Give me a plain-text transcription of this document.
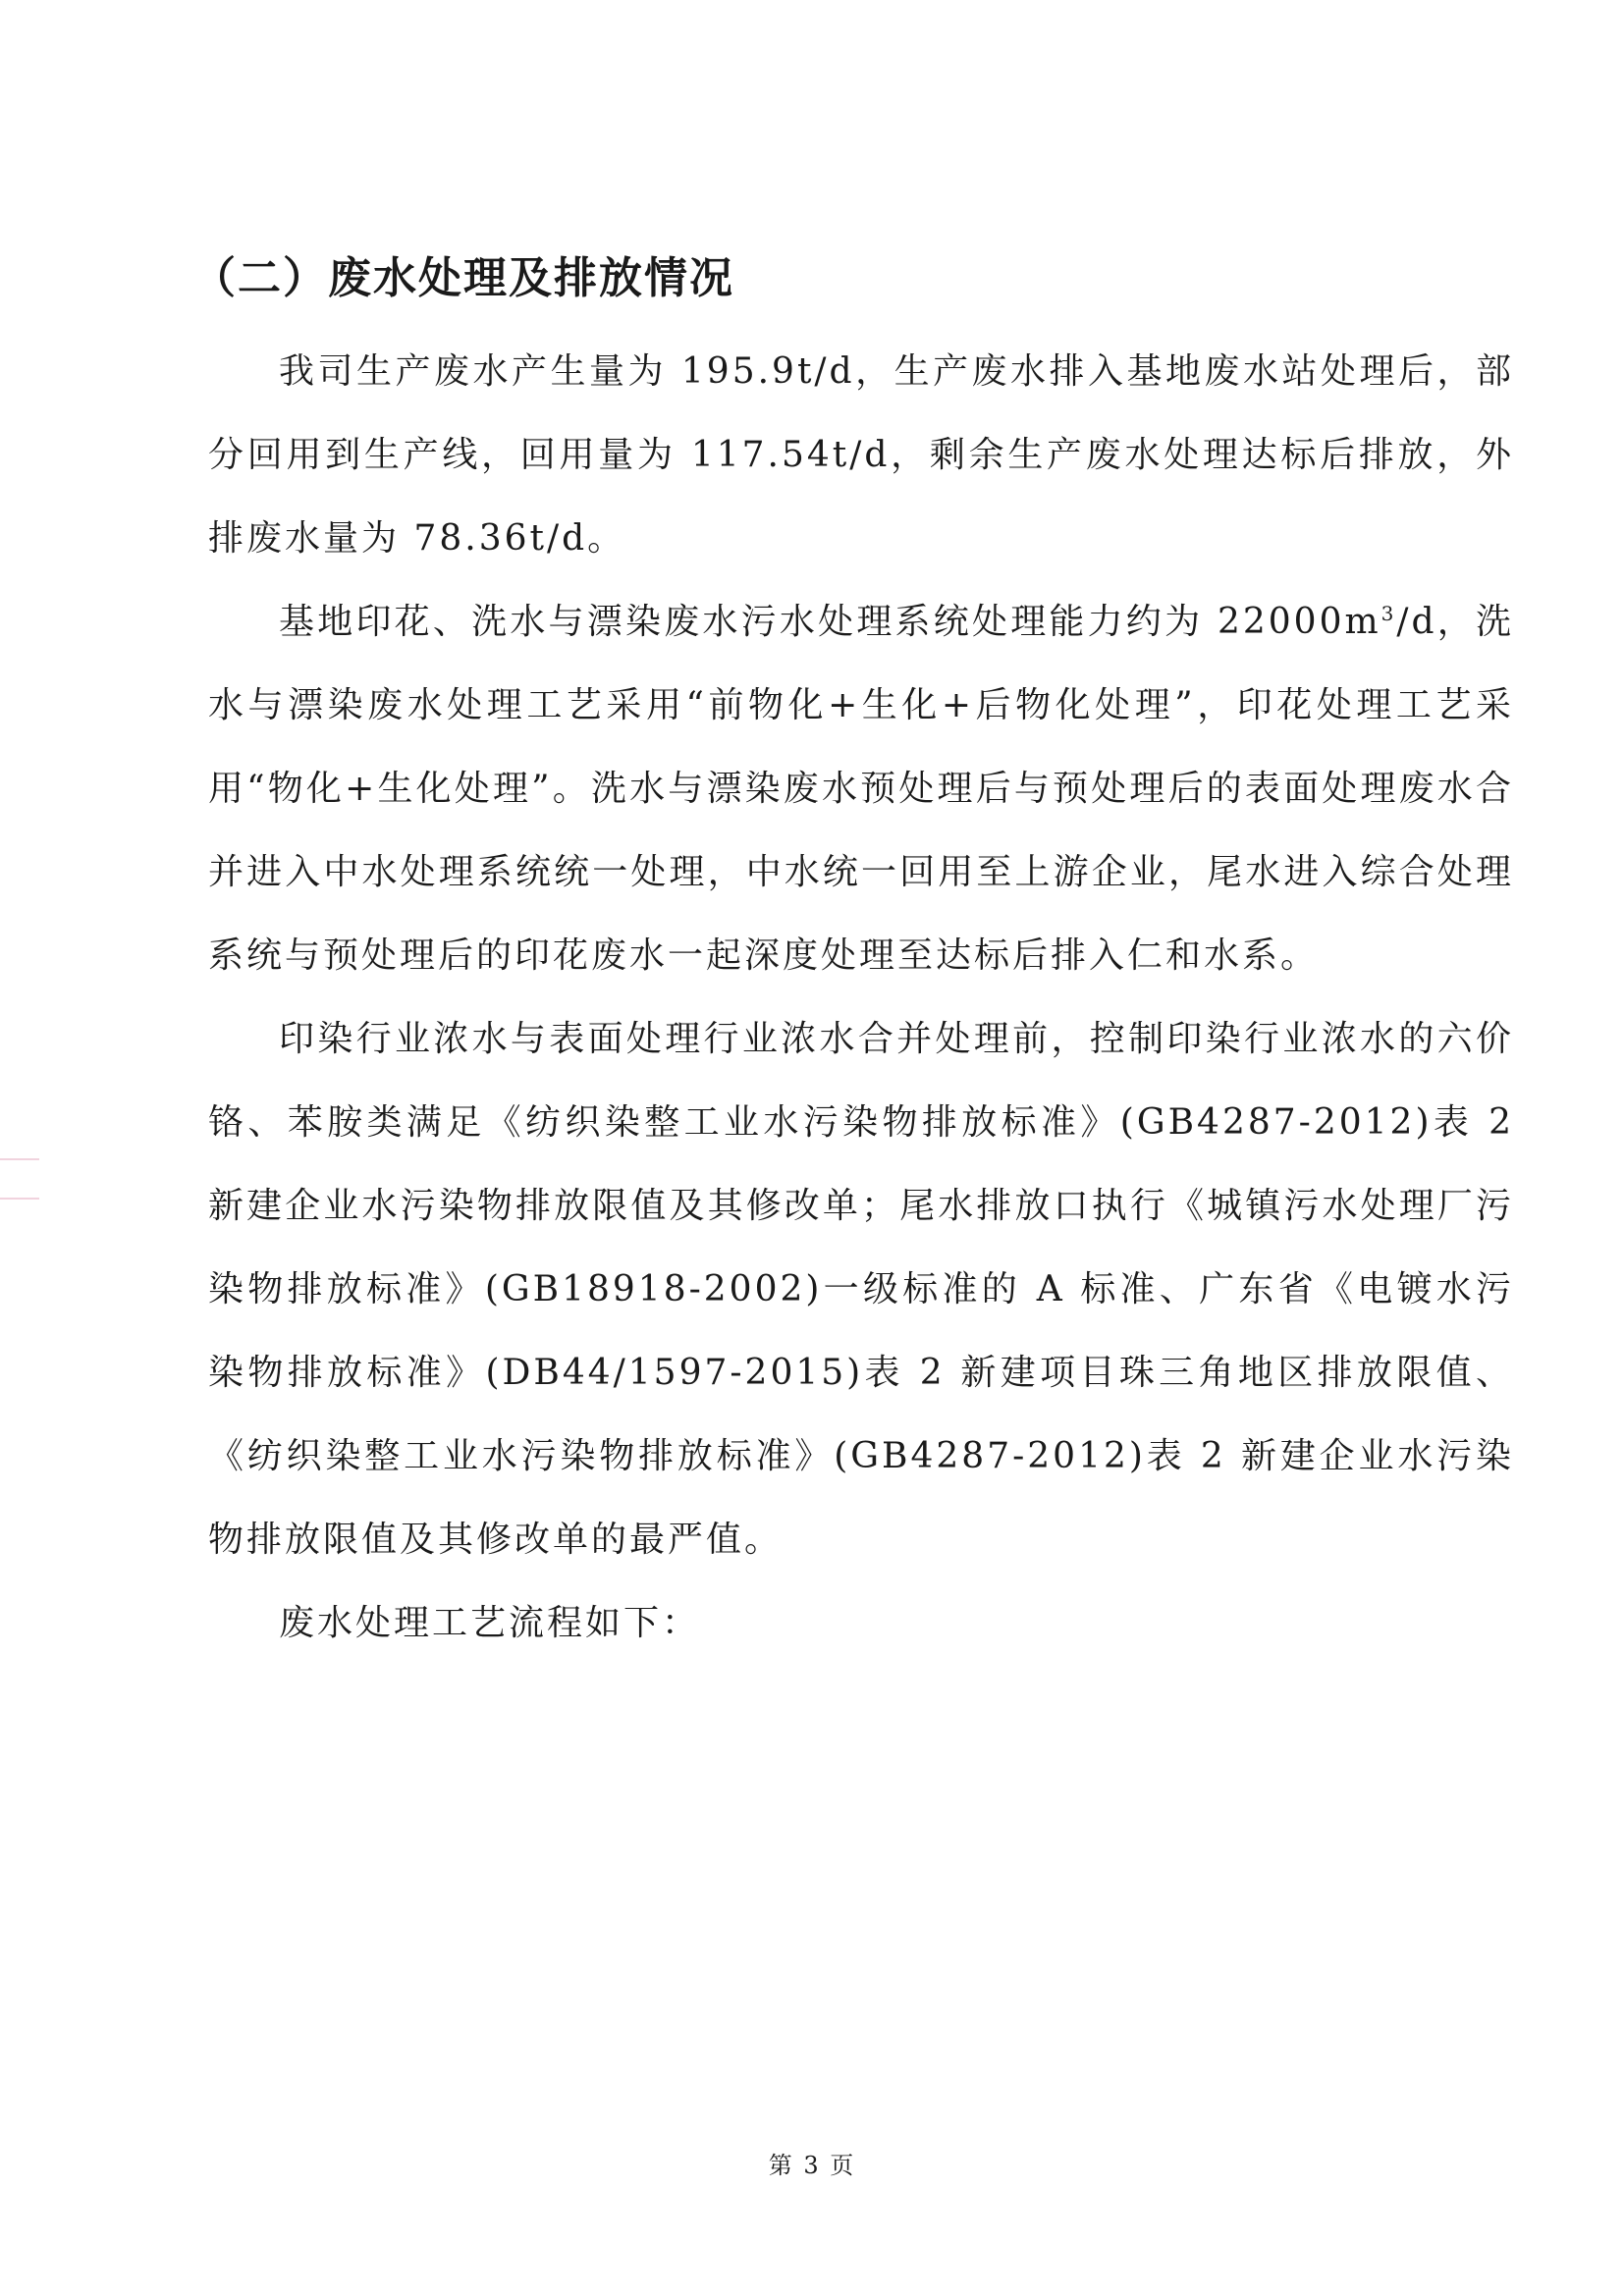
（二）废水处理及排放情况

我司生产废水产生量为 195.9t/d，生产废水排入基地废水站处理后，部分回用到生产线，回用量为 117.54t/d，剩余生产废水处理达标后排放，外排废水量为 78.36t/d。

基地印花、洗水与漂染废水污水处理系统处理能力约为 $22000m^3/d$，洗水与漂染废水处理工艺采用“前物化+生化+后物化处理”，印花处理工艺采用“物化+生化处理”。洗水与漂染废水预处理后与预处理后的表面处理废水合并进入中水处理系统统一处理，中水统一回用至上游企业，尾水进入综合处理系统与预处理后的印花废水一起深度处理至达标后排入仁和水系。

印染行业浓水与表面处理行业浓水合并处理前，控制印染行业浓水的六价铬、苯胺类满足《纺织染整工业水污染物排放标准》(GB4287-2012)表 2 新建企业水污染物排放限值及其修改单；尾水排放口执行《城镇污水处理厂污染物排放标准》(GB18918-2002)一级标准的 A 标准、广东省《电镀水污染物排放标准》(DB44/1597-2015)表 2 新建项目珠三角地区排放限值、《纺织染整工业水污染物排放标准》(GB4287-2012)表 2 新建企业水污染物排放限值及其修改单的最严值。

废水处理工艺流程如下：

第 3 页
